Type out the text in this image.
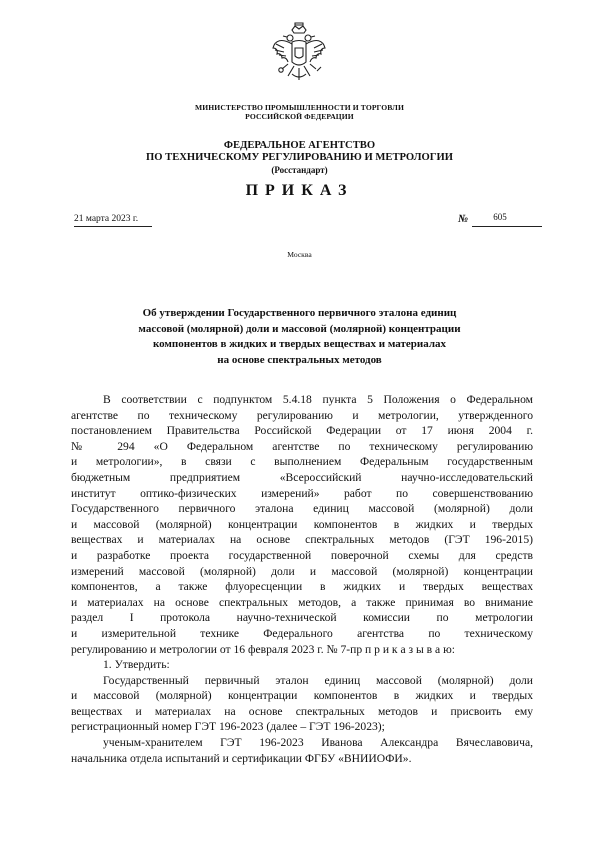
МИНИСТЕРСТВО ПРОМЫШЛЕННОСТИ И ТОРГОВЛИ
РОССИЙСКОЙ ФЕДЕРАЦИИ
ФЕДЕРАЛЬНОЕ АГЕНТСТВО
ПО ТЕХНИЧЕСКОМУ РЕГУЛИРОВАНИЮ И МЕТРОЛОГИИ
(Росстандарт)
ПРИКАЗ
21 марта 2023 г.	№	605
Москва
Об утверждении Государственного первичного эталона единиц
массовой (молярной) доли и массовой (молярной) концентрации
компонентов в жидких и твердых веществах и материалах
на основе спектральных методов
В соответствии с подпунктом 5.4.18 пункта 5 Положения о Федеральном
агентстве по техническому регулированию и метрологии, утвержденного
постановлением Правительства Российской Федерации от 17 июня 2004 г.
№ 294 «О Федеральном агентстве по техническому регулированию
и метрологии», в связи с выполнением Федеральным государственным
бюджетным предприятием «Всероссийский научно-исследовательский
институт оптико-физических измерений» работ по совершенствованию
Государственного первичного эталона единиц массовой (молярной) доли
и массовой (молярной) концентрации компонентов в жидких и твердых
веществах и материалах на основе спектральных методов (ГЭТ 196-2015)
и разработке проекта государственной поверочной схемы для средств
измерений массовой (молярной) доли и массовой (молярной) концентрации
компонентов, а также флуоресценции в жидких и твердых веществах
и материалах на основе спектральных методов, а также принимая во внимание
раздел I протокола научно-технической комиссии по метрологии
и измерительной технике Федерального агентства по техническому
регулированию и метрологии от 16 февраля 2023 г. № 7-пр п р и к а з ы в а ю:
1. Утвердить:
Государственный первичный эталон единиц массовой (молярной) доли
и массовой (молярной) концентрации компонентов в жидких и твердых
веществах и материалах на основе спектральных методов и присвоить ему
регистрационный номер ГЭТ 196-2023 (далее – ГЭТ 196-2023);
ученым-хранителем ГЭТ 196-2023 Иванова Александра Вячеславовича,
начальника отдела испытаний и сертификации ФГБУ «ВНИИОФИ».
